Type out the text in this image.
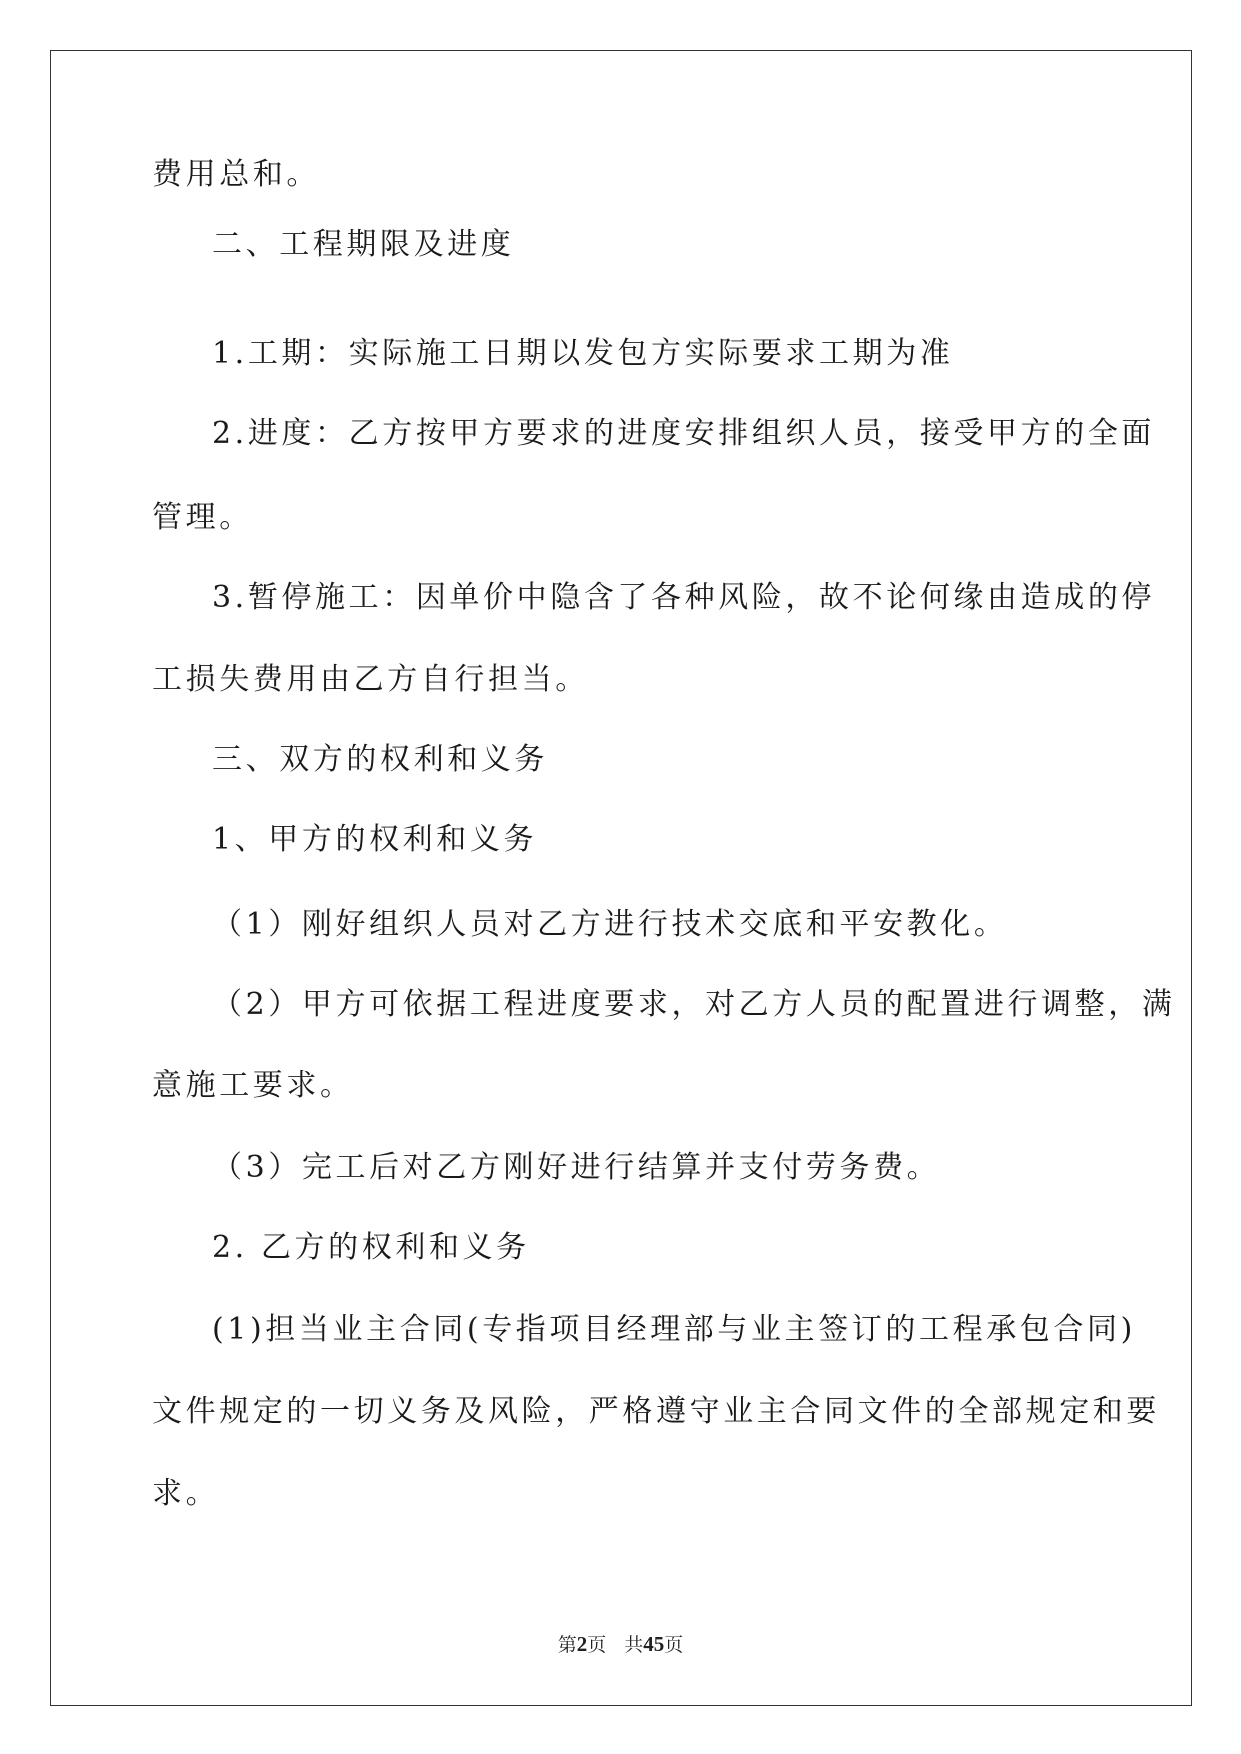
费用总和。
二、工程期限及进度
1.工期：实际施工日期以发包方实际要求工期为准
2.进度：乙方按甲方要求的进度安排组织人员，接受甲方的全面
管理。
3.暂停施工：因单价中隐含了各种风险，故不论何缘由造成的停
工损失费用由乙方自行担当。
三、双方的权利和义务
1、甲方的权利和义务
（1）刚好组织人员对乙方进行技术交底和平安教化。
（2）甲方可依据工程进度要求，对乙方人员的配置进行调整，满
意施工要求。
（3）完工后对乙方刚好进行结算并支付劳务费。
2. 乙方的权利和义务
(1)担当业主合同(专指项目经理部与业主签订的工程承包合同)
文件规定的一切义务及风险，严格遵守业主合同文件的全部规定和要
求。
第2页 共45页
